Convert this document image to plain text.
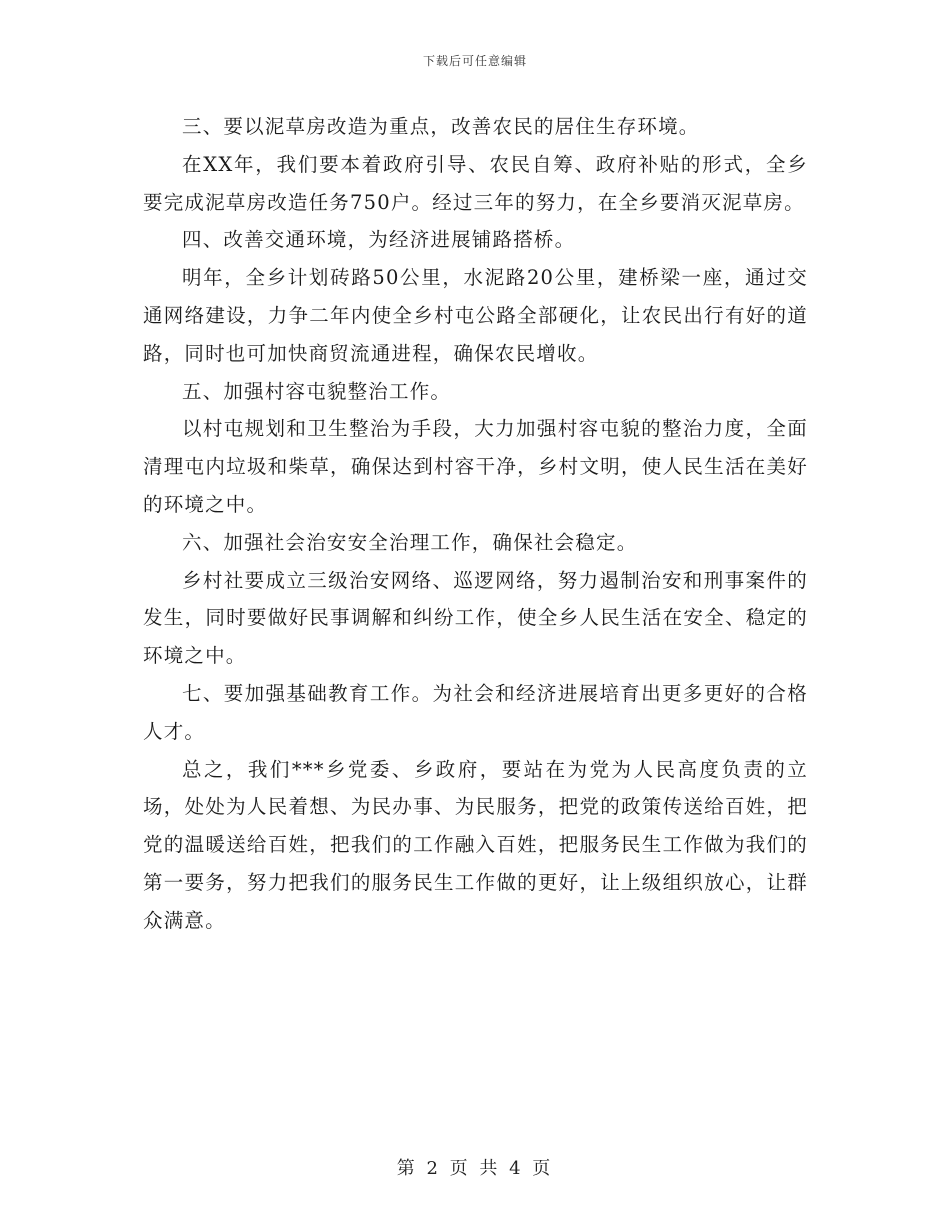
下载后可任意编辑

三、要以泥草房改造为重点，改善农民的居住生存环境。

在XX年，我们要本着政府引导、农民自筹、政府补贴的形式，全乡要完成泥草房改造任务750户。经过三年的努力，在全乡要消灭泥草房。

四、改善交通环境，为经济进展铺路搭桥。

明年，全乡计划砖路50公里，水泥路20公里，建桥梁一座，通过交通网络建设，力争二年内使全乡村屯公路全部硬化，让农民出行有好的道路，同时也可加快商贸流通进程，确保农民增收。

五、加强村容屯貌整治工作。

以村屯规划和卫生整治为手段，大力加强村容屯貌的整治力度，全面清理屯内垃圾和柴草，确保达到村容干净，乡村文明，使人民生活在美好的环境之中。

六、加强社会治安安全治理工作，确保社会稳定。

乡村社要成立三级治安网络、巡逻网络，努力遏制治安和刑事案件的发生，同时要做好民事调解和纠纷工作，使全乡人民生活在安全、稳定的环境之中。

七、要加强基础教育工作。为社会和经济进展培育出更多更好的合格人才。

总之，我们***乡党委、乡政府，要站在为党为人民高度负责的立场，处处为人民着想、为民办事、为民服务，把党的政策传送给百姓，把党的温暖送给百姓，把我们的工作融入百姓，把服务民生工作做为我们的第一要务，努力把我们的服务民生工作做的更好，让上级组织放心，让群众满意。

第 2 页 共 4 页
